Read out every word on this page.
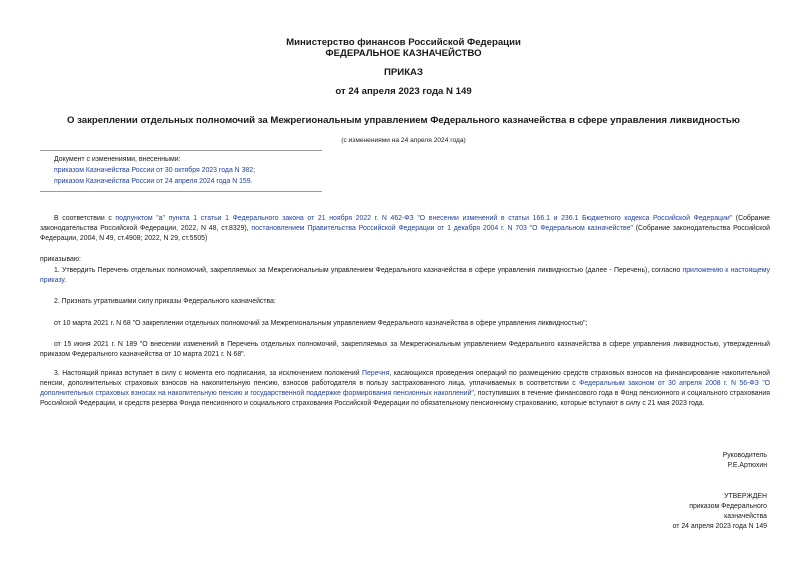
Министерство финансов Российской Федерации
ФЕДЕРАЛЬНОЕ КАЗНАЧЕЙСТВО
ПРИКАЗ
от 24 апреля 2023 года N 149
О закреплении отдельных полномочий за Межрегиональным управлением Федерального казначейства в сфере управления ликвидностью
(с изменениями на 24 апреля 2024 года)
Документ с изменениями, внесенными:
приказом Казначейства России от 30 октября 2023 года N 382;
приказом Казначейства России от 24 апреля 2024 года N 159.
В соответствии с подпунктом "а" пункта 1 статьи 1 Федерального закона от 21 ноября 2022 г. N 462-ФЗ "О внесении изменений в статьи 166.1 и 236.1 Бюджетного кодекса Российской Федерации" (Собрание законодательства Российской Федерации, 2022, N 48, ст.8329), постановлением Правительства Российской Федерации от 1 декабря 2004 г. N 703 "О Федеральном казначействе" (Собрание законодательства Российской Федерации, 2004, N 49, ст.4908; 2022, N 29, ст.5505)
приказываю:
1. Утвердить Перечень отдельных полномочий, закрепляемых за Межрегиональным управлением Федерального казначейства в сфере управления ликвидностью (далее - Перечень), согласно приложению к настоящему приказу.
2. Признать утратившими силу приказы Федерального казначейства:
от 10 марта 2021 г. N 68 "О закреплении отдельных полномочий за Межрегиональным управлением Федерального казначейства в сфере управления ликвидностью";
от 15 июня 2021 г. N 189 "О внесении изменений в Перечень отдельных полномочий, закрепляемых за Межрегиональным управлением Федерального казначейства в сфере управления ликвидностью, утвержденный приказом Федерального казначейства от 10 марта 2021 г. N 68".
3. Настоящий приказ вступает в силу с момента его подписания, за исключением положений Перечня, касающихся проведения операций по размещению средств страховых взносов на финансирование накопительной пенсии, дополнительных страховых взносов на накопительную пенсию, взносов работодателя в пользу застрахованного лица, уплачиваемых в соответствии с Федеральным законом от 30 апреля 2008 г. N 56-ФЗ "О дополнительных страховых взносах на накопительную пенсию и государственной поддержке формирования пенсионных накоплений", поступивших в течение финансового года в Фонд пенсионного и социального страхования Российской Федерации, и средств резерва Фонда пенсионного и социального страхования Российской Федерации по обязательному пенсионному страхованию, которые вступают в силу с 21 мая 2023 года.
Руководитель
Р.Е.Артюхин
УТВЕРЖДЕН
приказом Федерального
казначейства
от 24 апреля 2023 года N 149
